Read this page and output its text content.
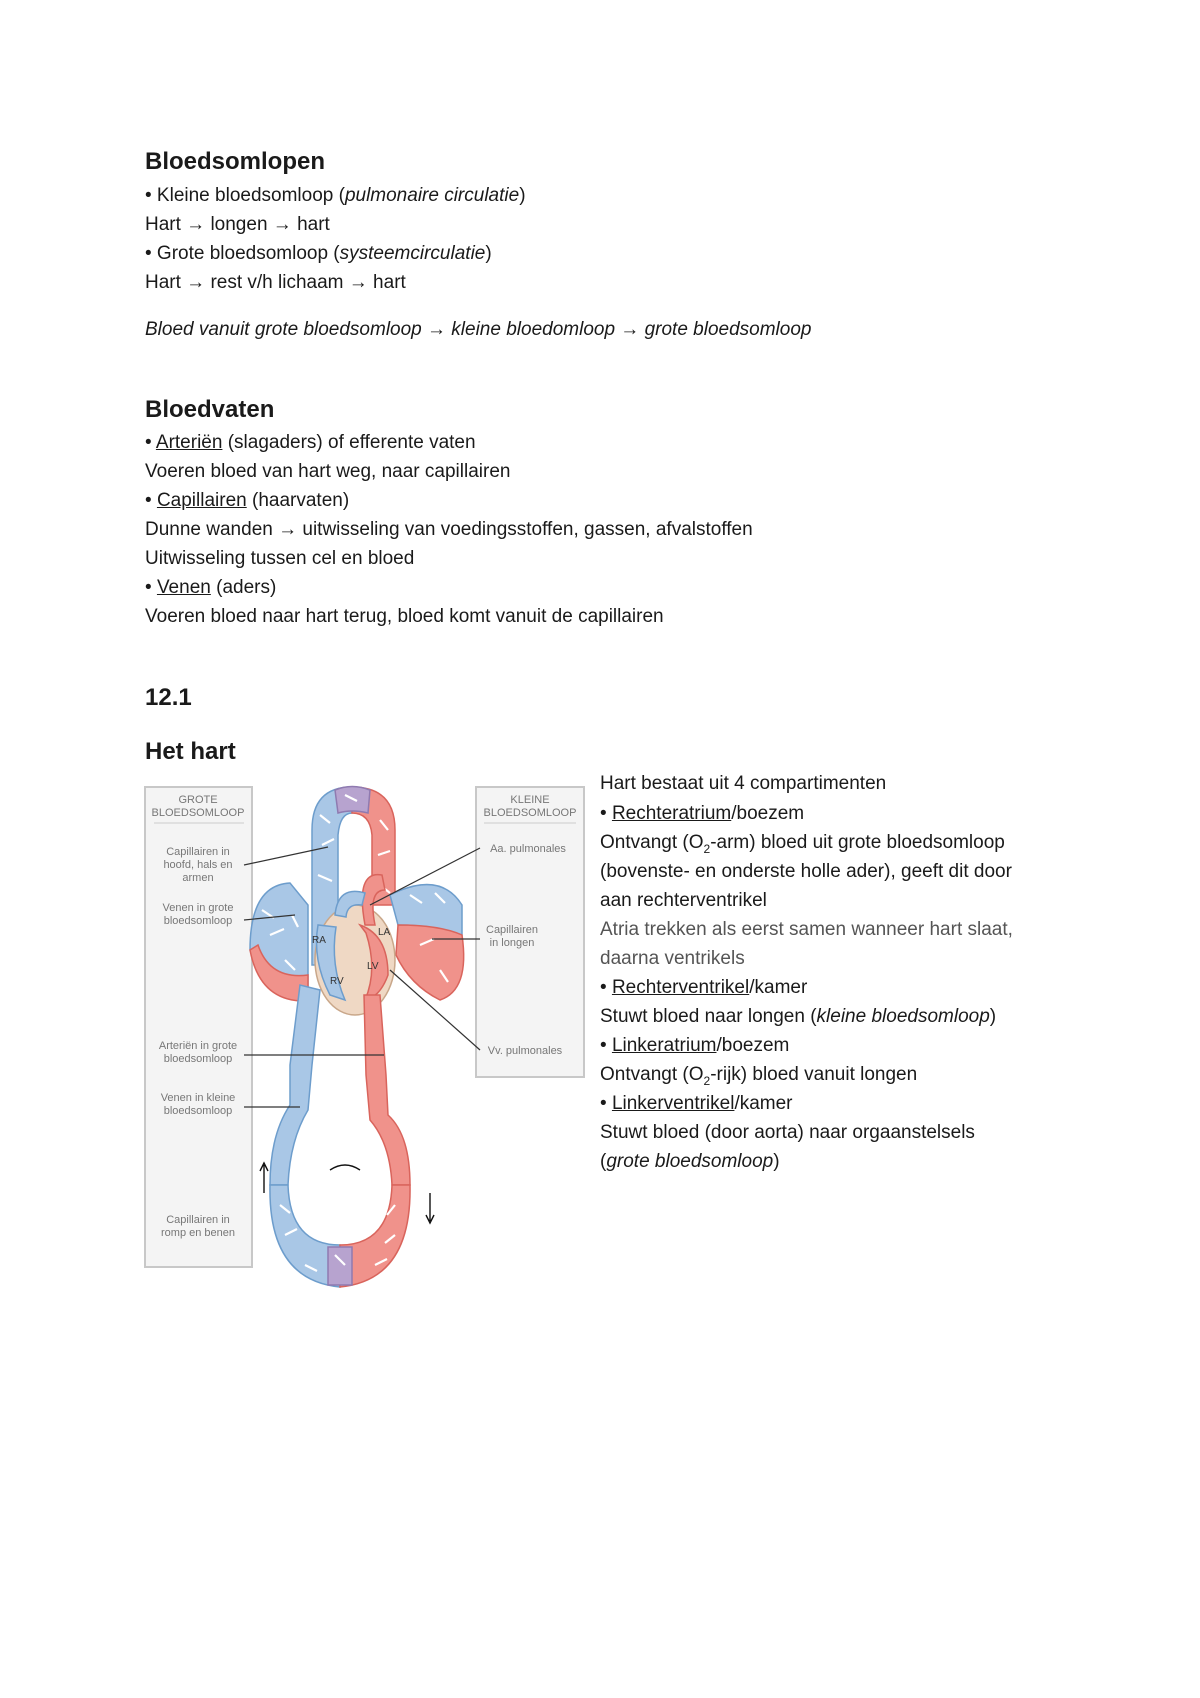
Bloedsomlopen

• Kleine bloedsomloop (pulmonaire circulatie)

Hart → longen → hart

• Grote bloedsomloop (systeemcirculatie)

Hart → rest v/h lichaam → hart

Bloed vanuit grote bloedsomloop → kleine bloedomloop → grote bloedsomloop

Bloedvaten

• Arteriën (slagaders) of efferente vaten

Voeren bloed van hart weg, naar capillairen

• Capillairen (haarvaten)

Dunne wanden → uitwisseling van voedingsstoffen, gassen, afvalstoffen

Uitwisseling tussen cel en bloed

• Venen (aders)

Voeren bloed naar hart terug, bloed komt vanuit de capillairen

12.1
Het hart
GROTE
BLOEDSOMLOOP
Capillairen in
hoofd, hals en
armen
Venen in grote
bloedsomloop
Arteriën in grote
bloedsomloop
Venen in kleine
bloedsomloop
Capillairen in
romp en benen
KLEINE
BLOEDSOMLOOP
Aa. pulmonales
Capillairen
in longen
Vv. pulmonales
RA
RV
LA
LV

Hart bestaat uit 4 compartimenten

• Rechteratrium/boezem

Ontvangt $(O_2-arm)$ bloed uit grote bloedsomloop

(bovenste- en onderste holle ader), geeft dit door

aan rechterventrikel

Atria trekken als eerst samen wanneer hart slaat,

daarna ventrikels

• Rechterventrikel/kamer

Stuwt bloed naar longen (kleine bloedsomloop)

• Linkeratrium/boezem

Ontvangt $(O_2-rijk)$ bloed vanuit longen

• Linkerventrikel/kamer

Stuwt bloed (door aorta) naar orgaanstelsels

(grote bloedsomloop)
